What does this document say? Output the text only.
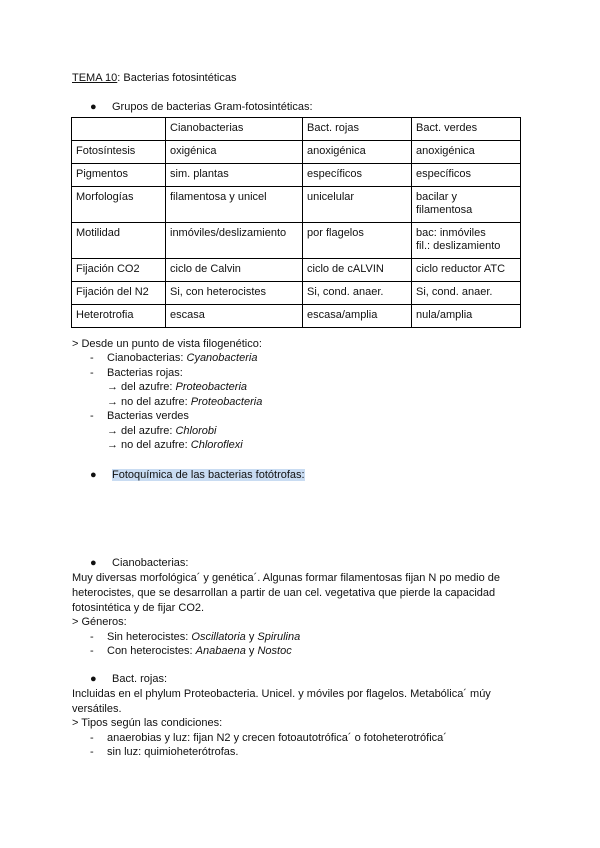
TEMA 10: Bacterias fotosintéticas
● Grupos de bacterias Gram-fotosintéticas:
	Cianobacterias	Bact. rojas	Bact. verdes
Fotosíntesis	oxigénica	anoxigénica	anoxigénica
Pigmentos	sim. plantas	específicos	específicos
Morfologías	filamentosa y unicel	unicelular	bacilar y filamentosa
Motilidad	inmóviles/deslizamiento	por flagelos	bac: inmóviles
fil.: deslizamiento

Fijación CO2	ciclo de Calvin	ciclo de cALVIN	ciclo reductor ATC
Fijación del N2	Si, con heterocistes	Si, cond. anaer.	Si, cond. anaer.
Heterotrofia	escasa	escasa/amplia	nula/amplia
> Desde un punto de vista filogenético:
- Cianobacterias: Cyanobacteria
- Bacterias rojas:
→ del azufre: Proteobacteria
→ no del azufre: Proteobacteria
- Bacterias verdes
→ del azufre: Chlorobi
→ no del azufre: Chloroflexi
● Fotoquímica de las bacterias fotótrofas:
● Cianobacterias:
Muy diversas morfológica´ y genética´. Algunas formar filamentosas fijan N po medio de heterocistes, que se desarrollan a partir de uan cel. vegetativa que pierde la capacidad fotosintética y de fijar CO2.
> Géneros:
- Sin heterocistes: Oscillatoria y Spirulina
- Con heterocistes: Anabaena y Nostoc
● Bact. rojas:
Incluidas en el phylum Proteobacteria. Unicel. y móviles por flagelos. Metabólica´ múy versátiles.
> Tipos según las condiciones:
- anaerobias y luz: fijan N2 y crecen fotoautotrófica´ o fotoheterotrófica´
- sin luz: quimioheterótrofas.
